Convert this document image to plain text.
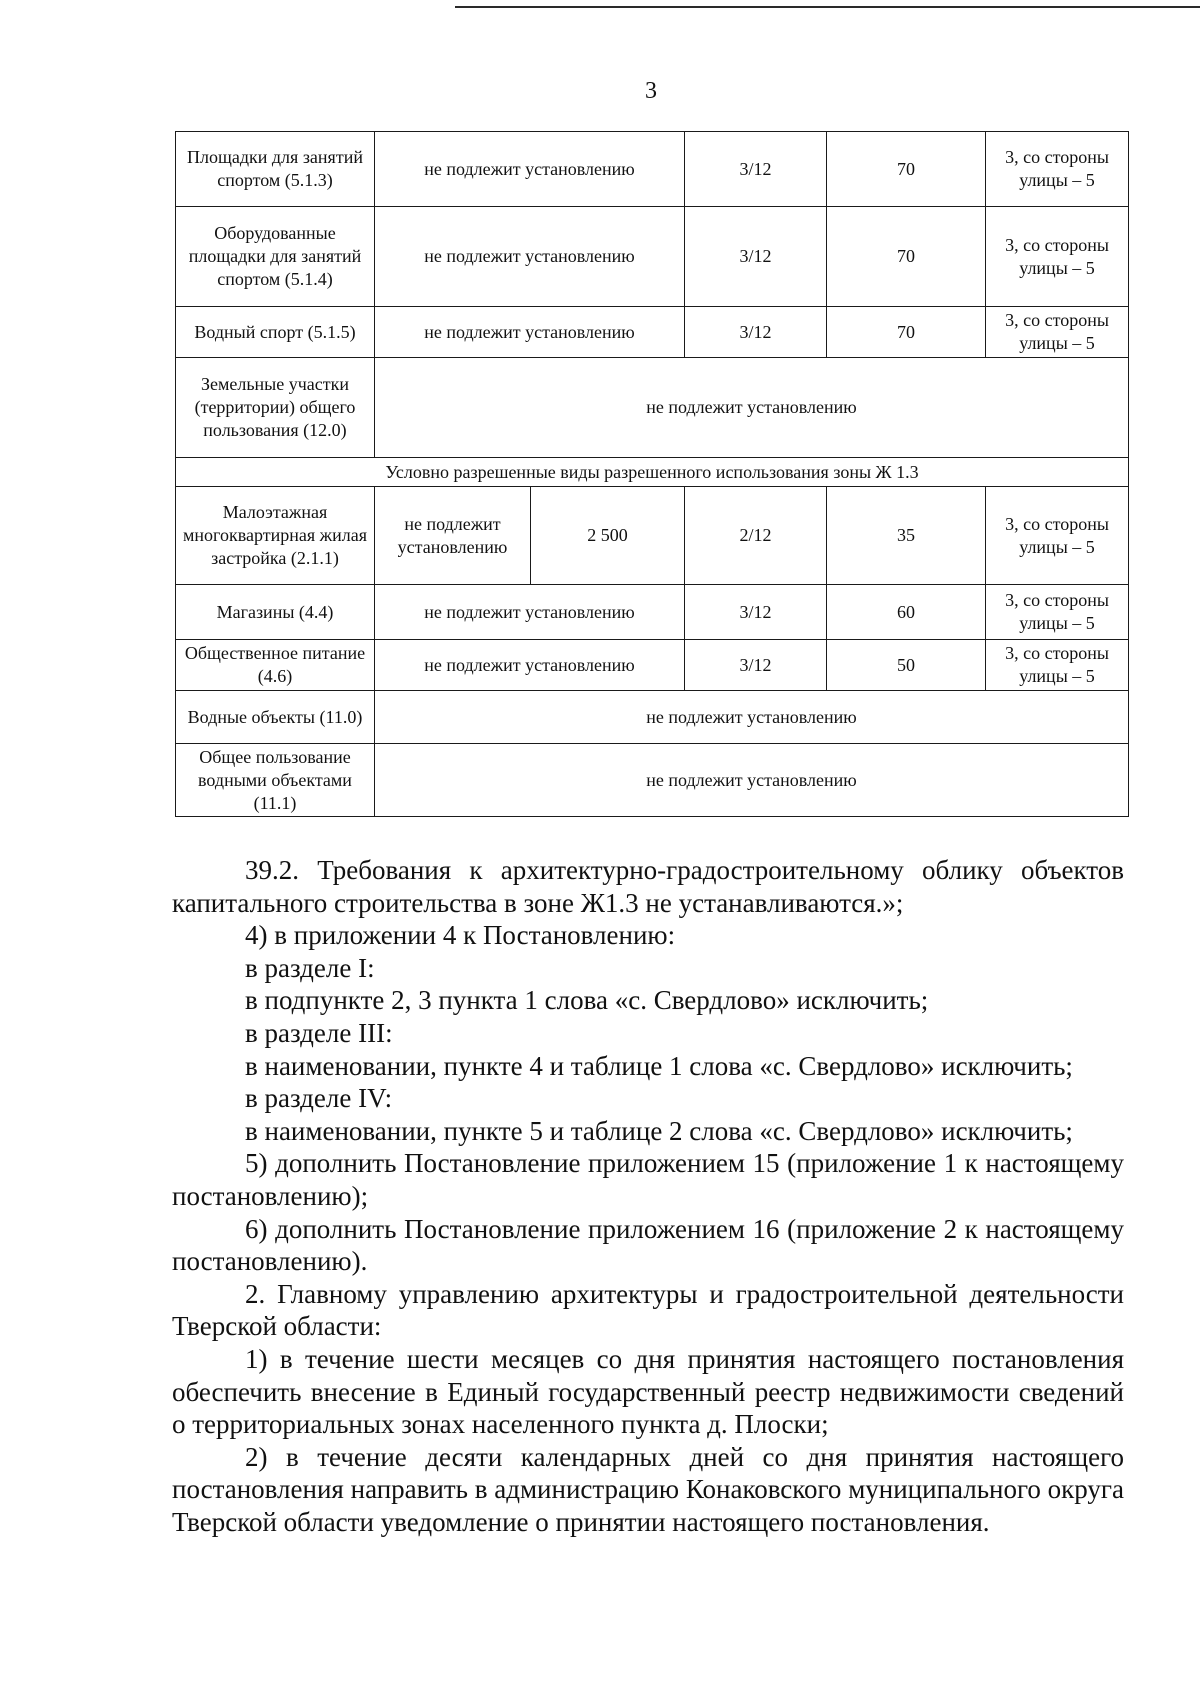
3
Площадки для занятий спортом (5.1.3)	не подлежит установлению		3/12	70	3, со стороны улицы – 5
Оборудованные площадки для занятий спортом (5.1.4)	не подлежит установлению		3/12	70	3, со стороны улицы – 5
Водный спорт (5.1.5)	не подлежит установлению		3/12	70	3, со стороны улицы – 5
Земельные участки (территории) общего пользования (12.0)	не подлежит установлению				
Условно разрешенные виды разрешенного использования зоны Ж 1.3					
Малоэтажная многоквартирная жилая застройка (2.1.1)	не подлежит установлению	2 500	2/12	35	3, со стороны улицы – 5
Магазины (4.4)	не подлежит установлению		3/12	60	3, со стороны улицы – 5
Общественное питание (4.6)	не подлежит установлению		3/12	50	3, со стороны улицы – 5
Водные объекты (11.0)	не подлежит установлению				
Общее пользование водными объектами (11.1)	не подлежит установлению				

39.2. Требования к архитектурно-градостроительному облику объектов капитального строительства в зоне Ж1.3 не устанавливаются.»;

4) в приложении 4 к Постановлению:

в разделе I:

в подпункте 2, 3 пункта 1 слова «с. Свердлово» исключить;

в разделе III:

в наименовании, пункте 4 и таблице 1 слова «с. Свердлово» исключить;

в разделе IV:

в наименовании, пункте 5 и таблице 2 слова «с. Свердлово» исключить;

5) дополнить Постановление приложением 15 (приложение 1 к настоящему постановлению);

6) дополнить Постановление приложением 16 (приложение 2 к настоящему постановлению).

2. Главному управлению архитектуры и градостроительной деятельности Тверской области:

1) в течение шести месяцев со дня принятия настоящего постановления обеспечить внесение в Единый государственный реестр недвижимости сведений о территориальных зонах населенного пункта д. Плоски;

2) в течение десяти календарных дней со дня принятия настоящего постановления направить в администрацию Конаковского муниципального округа Тверской области уведомление о принятии настоящего постановления.
